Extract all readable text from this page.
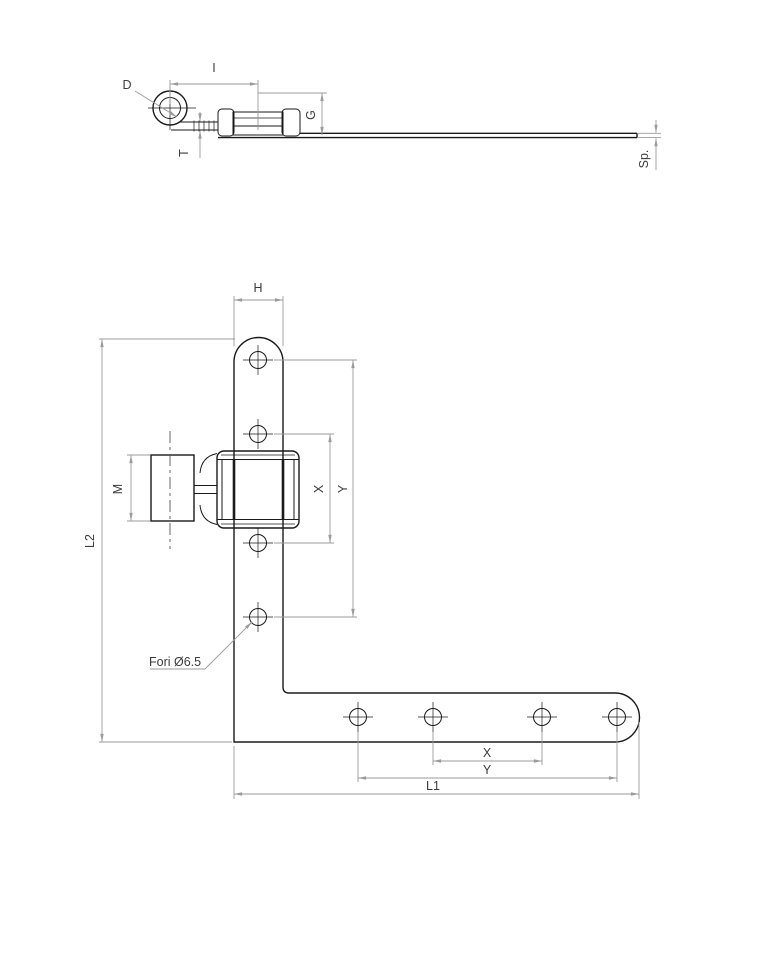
I
D
G
T	Sp.
H
M
L2
X Y
Fori Ø6.5
X
Y
L1
